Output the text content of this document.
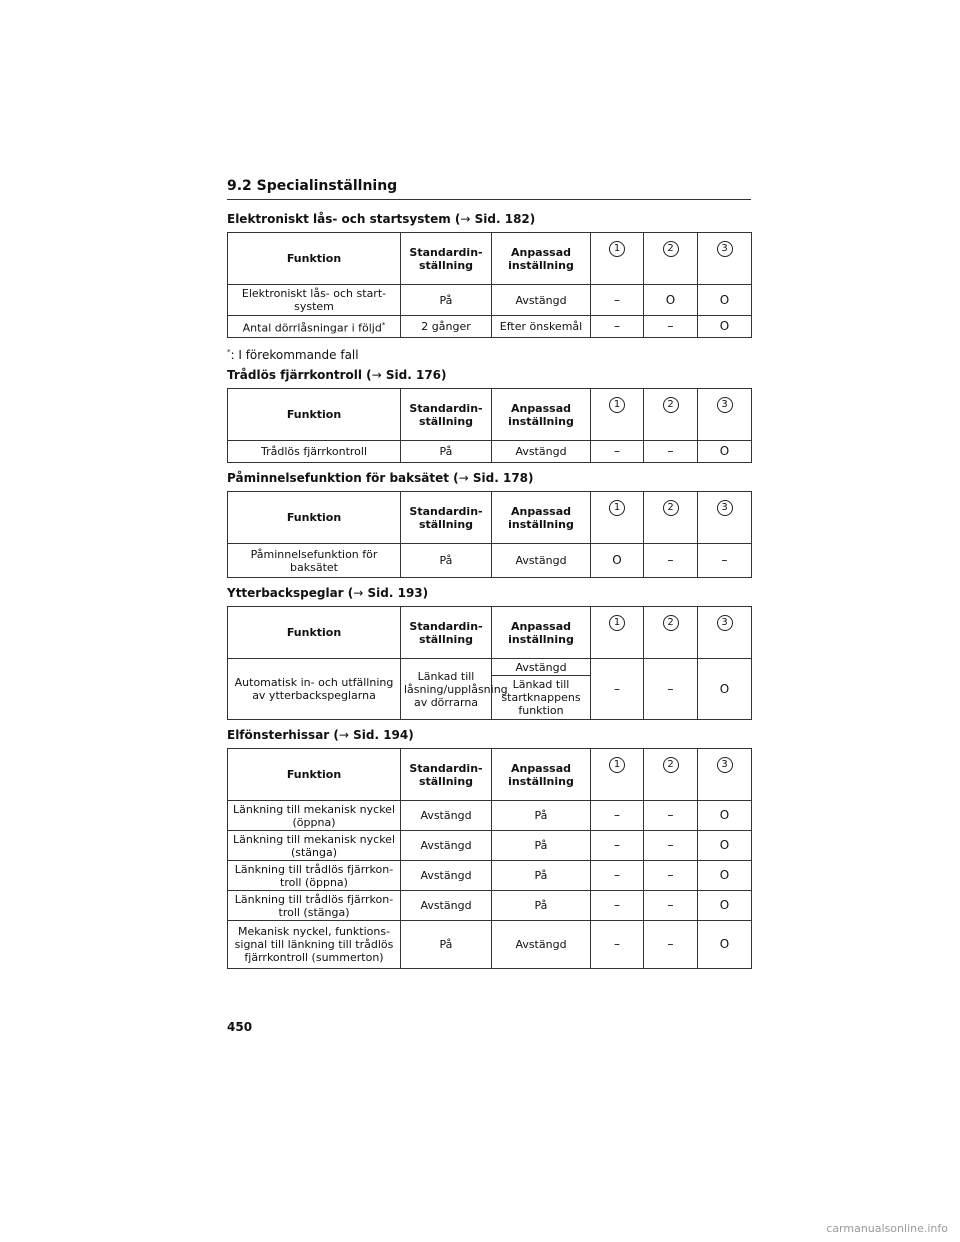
9.2 Specialinställning
Elektroniskt lås- och startsystem (→ Sid. 182)
Funktion	Standardin-ställning	Anpassad inställning	1	2	3
Elektroniskt lås- och start-system	På	Avstängd	–	O	O
Antal dörrlåsningar i följd*	2 gånger	Efter önskemål	–	–	O
*: I förekommande fall
Trådlös fjärrkontroll (→ Sid. 176)
Funktion	Standardin-ställning	Anpassad inställning	1	2	3
Trådlös fjärrkontroll	På	Avstängd	–	–	O
Påminnelsefunktion för baksätet (→ Sid. 178)
Funktion	Standardin-ställning	Anpassad inställning	1	2	3
Påminnelsefunktion för baksätet	På	Avstängd	O	–	–
Ytterbackspeglar (→ Sid. 193)
Funktion	Standardin-ställning	Anpassad inställning	1	2	3
Automatisk in- och utfällning av ytterbackspeglarna	Länkad till låsning/upplåsning av dörrarna	Avstängd	–	–	O
		Länkad till startknappens funktion			
Elfönsterhissar (→ Sid. 194)
Funktion	Standardin-ställning	Anpassad inställning	1	2	3
Länkning till mekanisk nyckel (öppna)	Avstängd	På	–	–	O
Länkning till mekanisk nyckel (stänga)	Avstängd	På	–	–	O
Länkning till trådlös fjärrkon-troll (öppna)	Avstängd	På	–	–	O
Länkning till trådlös fjärrkon-troll (stänga)	Avstängd	På	–	–	O
Mekanisk nyckel, funktions-signal till länkning till trådlös fjärrkontroll (summerton)	På	Avstängd	–	–	O
450
carmanualsonline.info
